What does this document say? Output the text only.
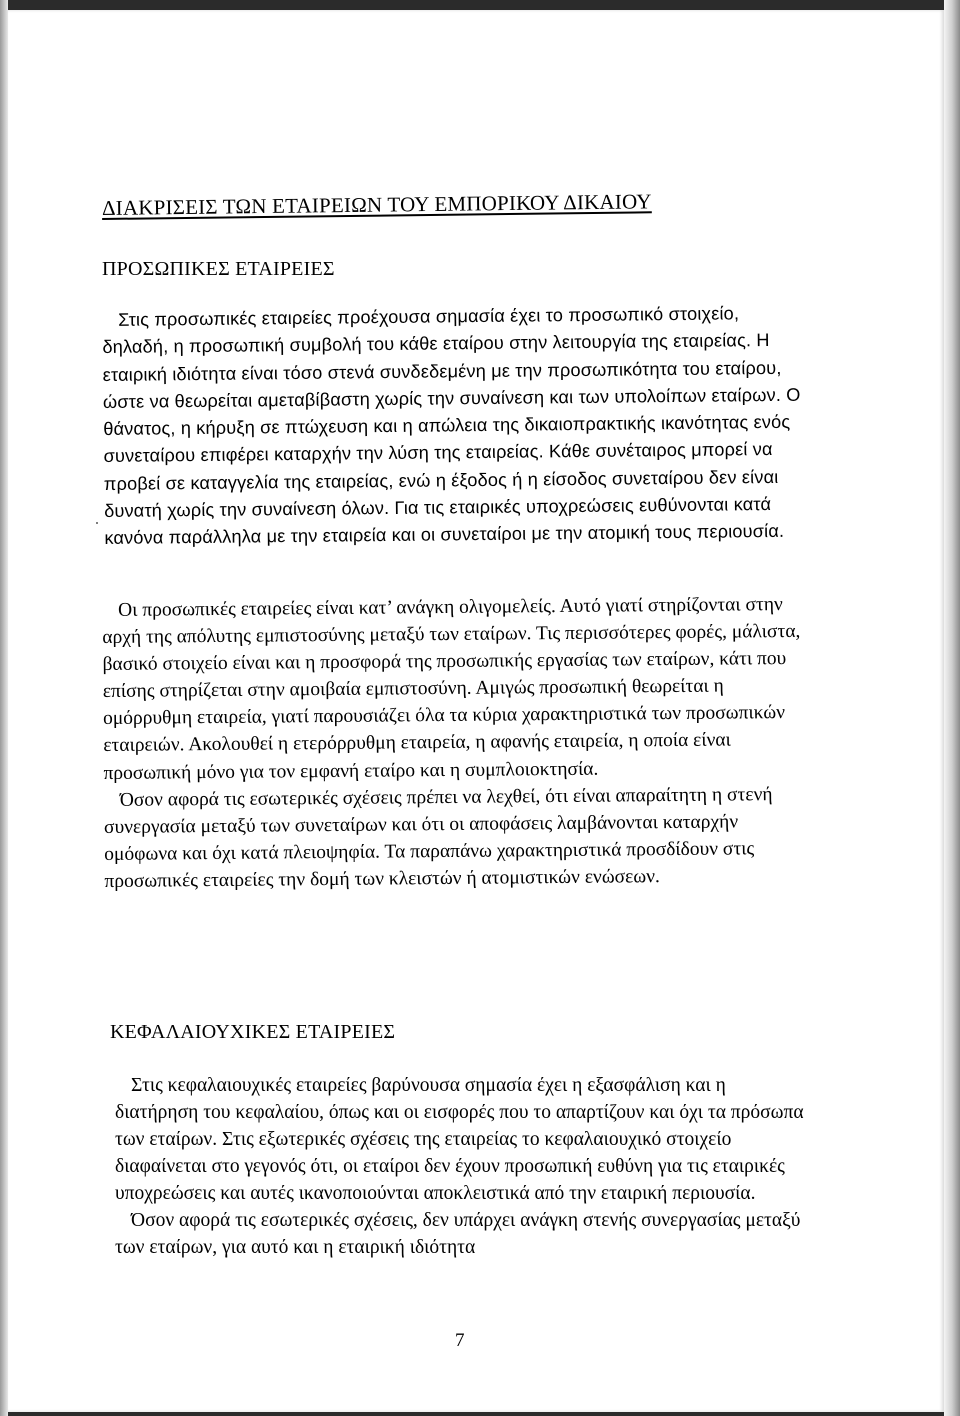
ΔΙΑΚΡΙΣΕΙΣ ΤΩΝ ΕΤΑΙΡΕΙΩΝ ΤΟΥ ΕΜΠΟΡΙΚΟΥ ΔΙΚΑΙΟΥ
ΠΡΟΣΩΠΙΚΕΣ ΕΤΑΙΡΕΙΕΣ

Στις προσωπικές εταιρείες προέχουσα σημασία έχει το προσωπικό στοιχείο, δηλαδή, η προσωπική συμβολή του κάθε εταίρου στην λειτουργία της εταιρείας. Η εταιρική ιδιότητα είναι τόσο στενά συνδεδεμένη με την προσωπικότητα του εταίρου, ώστε να θεωρείται αμεταβίβαστη χωρίς την συναίνεση και των υπολοίπων εταίρων. Ο θάνατος, η κήρυξη σε πτώχευση και η απώλεια της δικαιοπρακτικής ικανότητας ενός συνεταίρου επιφέρει καταρχήν την λύση της εταιρείας. Κάθε συνέταιρος μπορεί να προβεί σε καταγγελία της εταιρείας, ενώ η έξοδος ή η είσοδος συνεταίρου δεν είναι δυνατή χωρίς την συναίνεση όλων. Για τις εταιρικές υποχρεώσεις ευθύνονται κατά κανόνα παράλληλα με την εταιρεία και οι συνεταίροι με την ατομική τους περιουσία.

Οι προσωπικές εταιρείες είναι κατ’ ανάγκη ολιγομελείς. Αυτό γιατί στηρίζονται στην αρχή της απόλυτης εμπιστοσύνης μεταξύ των εταίρων. Τις περισσότερες φορές, μάλιστα, βασικό στοιχείο είναι και η προσφορά της προσωπικής εργασίας των εταίρων, κάτι που επίσης στηρίζεται στην αμοιβαία εμπιστοσύνη. Αμιγώς προσωπική θεωρείται η ομόρρυθμη εταιρεία, γιατί παρουσιάζει όλα τα κύρια χαρακτηριστικά των προσωπικών εταιρειών. Ακολουθεί η ετερόρρυθμη εταιρεία, η αφανής εταιρεία, η οποία είναι προσωπική μόνο για τον εμφανή εταίρο και η συμπλοιοκτησία.

Όσον αφορά τις εσωτερικές σχέσεις πρέπει να λεχθεί, ότι είναι απαραίτητη η στενή συνεργασία μεταξύ των συνεταίρων και ότι οι αποφάσεις λαμβάνονται καταρχήν ομόφωνα και όχι κατά πλειοψηφία. Τα παραπάνω χαρακτηριστικά προσδίδουν στις προσωπικές εταιρείες την δομή των κλειστών ή ατομιστικών ενώσεων.

ΚΕΦΑΛΑΙΟΥΧΙΚΕΣ ΕΤΑΙΡΕΙΕΣ

Στις κεφαλαιουχικές εταιρείες βαρύνουσα σημασία έχει η εξασφάλιση και η διατήρηση του κεφαλαίου, όπως και οι εισφορές που το απαρτίζουν και όχι τα πρόσωπα των εταίρων. Στις εξωτερικές σχέσεις της εταιρείας το κεφαλαιουχικό στοιχείο διαφαίνεται στο γεγονός ότι, οι εταίροι δεν έχουν προσωπική ευθύνη για τις εταιρικές υποχρεώσεις και αυτές ικανοποιούνται αποκλειστικά από την εταιρική περιουσία.

Όσον αφορά τις εσωτερικές σχέσεις, δεν υπάρχει ανάγκη στενής συνεργασίας μεταξύ των εταίρων, για αυτό και η εταιρική ιδιότητα

7
